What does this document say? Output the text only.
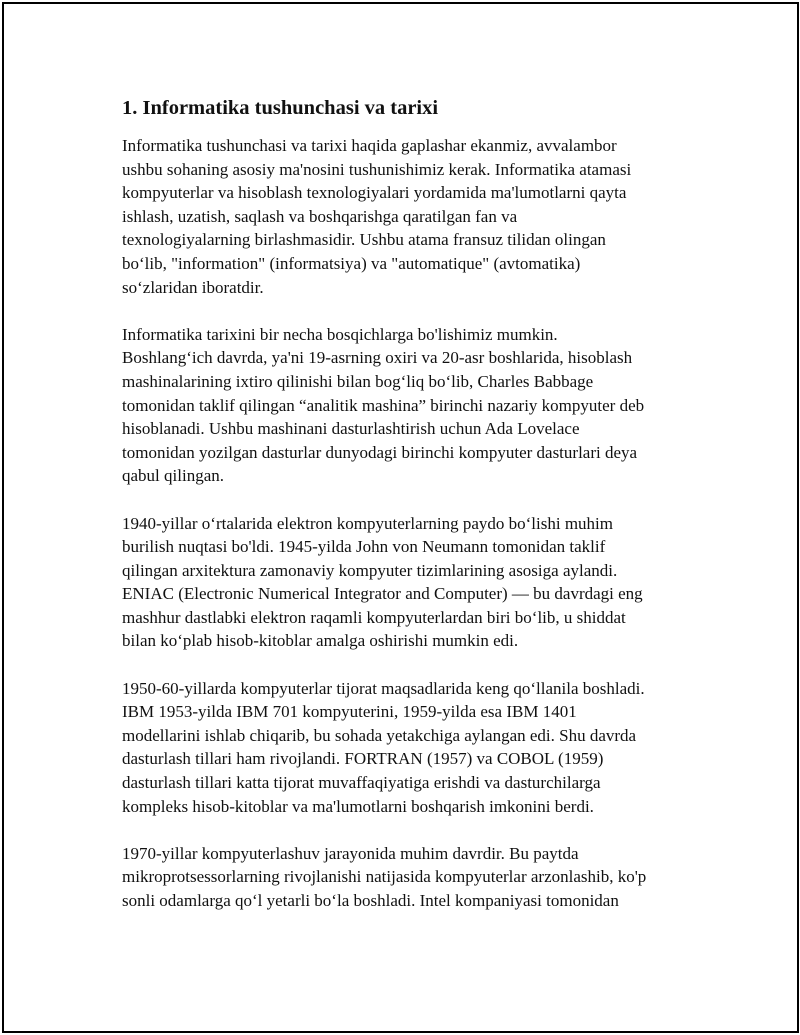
1. Informatika tushunchasi va tarixi
Informatika tushunchasi va tarixi haqida gaplashar ekanmiz, avvalambor
ushbu sohaning asosiy ma'nosini tushunishimiz kerak. Informatika atamasi
kompyuterlar va hisoblash texnologiyalari yordamida ma'lumotlarni qayta
ishlash, uzatish, saqlash va boshqarishga qaratilgan fan va
texnologiyalarning birlashmasidir. Ushbu atama fransuz tilidan olingan
bo‘lib, "information" (informatsiya) va "automatique" (avtomatika)
so‘zlaridan iboratdir.
Informatika tarixini bir necha bosqichlarga bo'lishimiz mumkin.
Boshlang‘ich davrda, ya'ni 19-asrning oxiri va 20-asr boshlarida, hisoblash
mashinalarining ixtiro qilinishi bilan bog‘liq bo‘lib, Charles Babbage
tomonidan taklif qilingan “analitik mashina” birinchi nazariy kompyuter deb
hisoblanadi. Ushbu mashinani dasturlashtirish uchun Ada Lovelace
tomonidan yozilgan dasturlar dunyodagi birinchi kompyuter dasturlari deya
qabul qilingan.
1940-yillar o‘rtalarida elektron kompyuterlarning paydo bo‘lishi muhim
burilish nuqtasi bo'ldi. 1945-yilda John von Neumann tomonidan taklif
qilingan arxitektura zamonaviy kompyuter tizimlarining asosiga aylandi.
ENIAC (Electronic Numerical Integrator and Computer) — bu davrdagi eng
mashhur dastlabki elektron raqamli kompyuterlardan biri bo‘lib, u shiddat
bilan ko‘plab hisob-kitoblar amalga oshirishi mumkin edi.
1950-60-yillarda kompyuterlar tijorat maqsadlarida keng qo‘llanila boshladi.
IBM 1953-yilda IBM 701 kompyuterini, 1959-yilda esa IBM 1401
modellarini ishlab chiqarib, bu sohada yetakchiga aylangan edi. Shu davrda
dasturlash tillari ham rivojlandi. FORTRAN (1957) va COBOL (1959)
dasturlash tillari katta tijorat muvaffaqiyatiga erishdi va dasturchilarga
kompleks hisob-kitoblar va ma'lumotlarni boshqarish imkonini berdi.
1970-yillar kompyuterlashuv jarayonida muhim davrdir. Bu paytda
mikroprotsessorlarning rivojlanishi natijasida kompyuterlar arzonlashib, ko'p
sonli odamlarga qo‘l yetarli bo‘la boshladi. Intel kompaniyasi tomonidan
